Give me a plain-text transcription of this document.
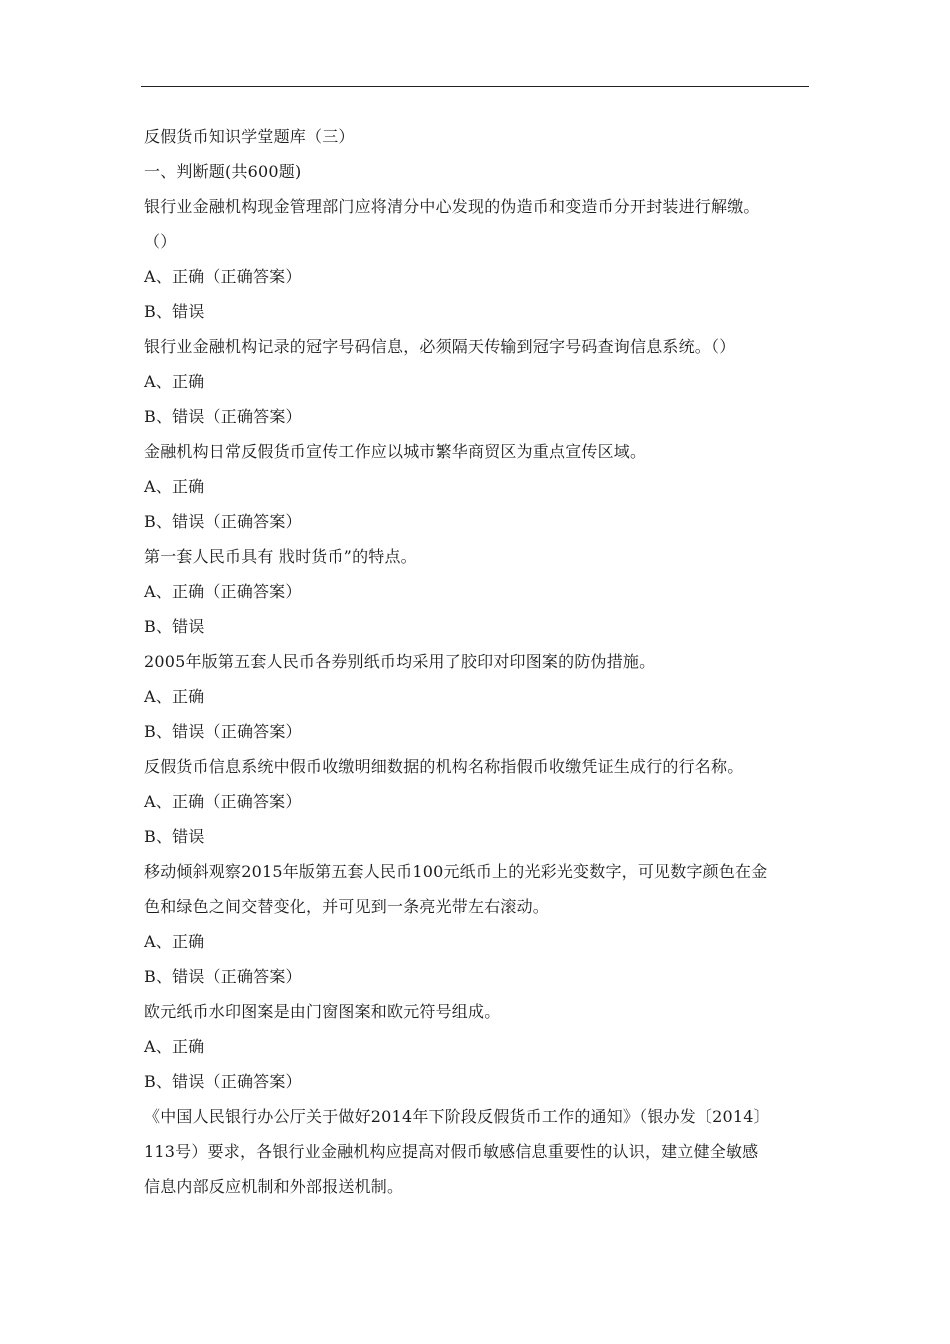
反假货币知识学堂题库（三）
一、判断题(共600题)
银行业金融机构现金管理部门应将清分中心发现的伪造币和变造币分开封装进行解缴。
（）
A、正确（正确答案）
B、错误
银行业金融机构记录的冠字号码信息，必须隔天传输到冠字号码查询信息系统。（）
A、正确
B、错误（正确答案）
金融机构日常反假货币宣传工作应以城市繁华商贸区为重点宣传区域。
A、正确
B、错误（正确答案）
第一套人民币具有 戕时货币”的特点。
A、正确（正确答案）
B、错误
2005年版第五套人民币各券别纸币均采用了胶印对印图案的防伪措施。
A、正确
B、错误（正确答案）
反假货币信息系统中假币收缴明细数据的机构名称指假币收缴凭证生成行的行名称。
A、正确（正确答案）
B、错误
移动倾斜观察2015年版第五套人民币100元纸币上的光彩光变数字，可见数字颜色在金
色和绿色之间交替变化，并可见到一条亮光带左右滚动。
A、正确
B、错误（正确答案）
欧元纸币水印图案是由门窗图案和欧元符号组成。
A、正确
B、错误（正确答案）
《中国人民银行办公厅关于做好2014年下阶段反假货币工作的通知》（银办发〔2014〕
113号）要求，各银行业金融机构应提高对假币敏感信息重要性的认识，建立健全敏感
信息内部反应机制和外部报送机制。
